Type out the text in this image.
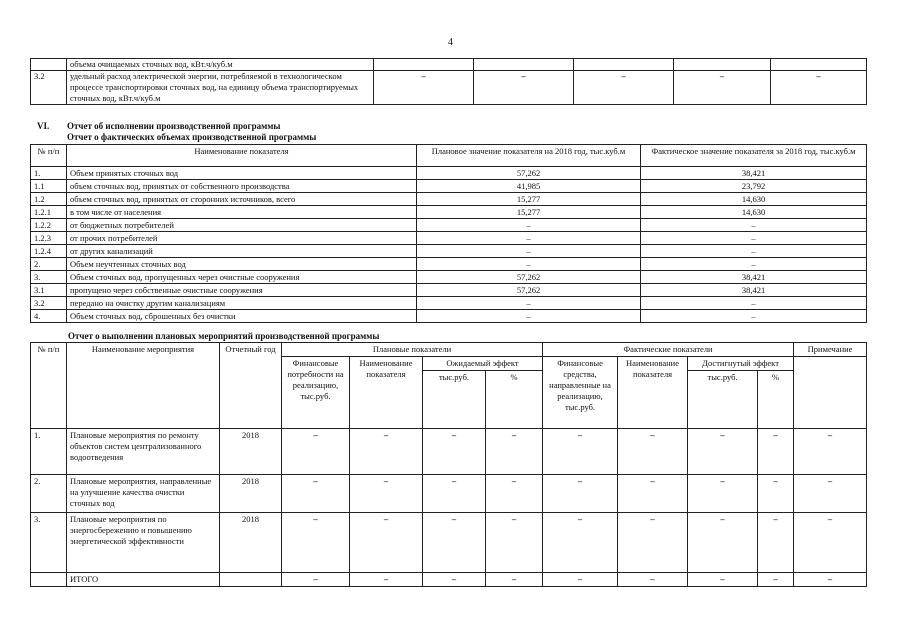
4
	объема очищаемых сточных вод, кВт.ч/куб.м					
3.2	удельный расход электрической энергии, потребляемой в технологическом процессе транспортировки сточных вод, на единицу объема транспортируемых сточных вод, кВт.ч/куб.м	–	–	–	–	–
VI. Отчет об исполнении производственной программы
Отчет о фактических объемах производственной программы
№ п/п	Наименование показателя	Плановое значение показателя на 2018 год, тыс.куб.м	Фактическое значение показателя за 2018 год, тыс.куб.м
1.	Объем принятых сточных вод	57,262	38,421
1.1	объем сточных вод, принятых от собственного производства	41,985	23,792
1.2	объем сточных вод, принятых от сторонних источников, всего	15,277	14,630
1.2.1	в том числе от населения	15,277	14,630
1.2.2	от бюджетных потребителей	–	–
1.2.3	от прочих потребителей	–	–
1.2.4	от других канализаций	–	–
2.	Объем неучтенных сточных вод	–	–
3.	Объем сточных вод, пропущенных через очистные сооружения	57,262	38,421
3.1	пропущено через собственные очистные сооружения	57,262	38,421
3.2	передано на очистку другим канализациям	–	–
4.	Объем сточных вод, сброшенных без очистки	–	–
Отчет о выполнении плановых мероприятий производственной программы
№ п/п	Наименование мероприятия	Отчетный год	Плановые показатели				Фактические показатели				Примечание
			Финансовые потребности на реализацию, тыс.руб.	Наименование показателя	Ожидаемый эффект		Финансовые средства, направленные на реализацию, тыс.руб.	Наименование показателя	Достигнутый эффект		
					тыс.руб.	%			тыс.руб.	%	
1.	Плановые мероприятия по ремонту объектов систем централизованного водоотведения	2018	–	–	–	–	–	–	–	–	–
2.	Плановые мероприятия, направленные на улучшение качества очистки сточных вод	2018	–	–	–	–	–	–	–	–	–
3.	Плановые мероприятия по энергосбережению и повышению энергетической эффективности	2018	–	–	–	–	–	–	–	–	–
	ИТОГО		–	–	–	–	–	–	–	–	–
